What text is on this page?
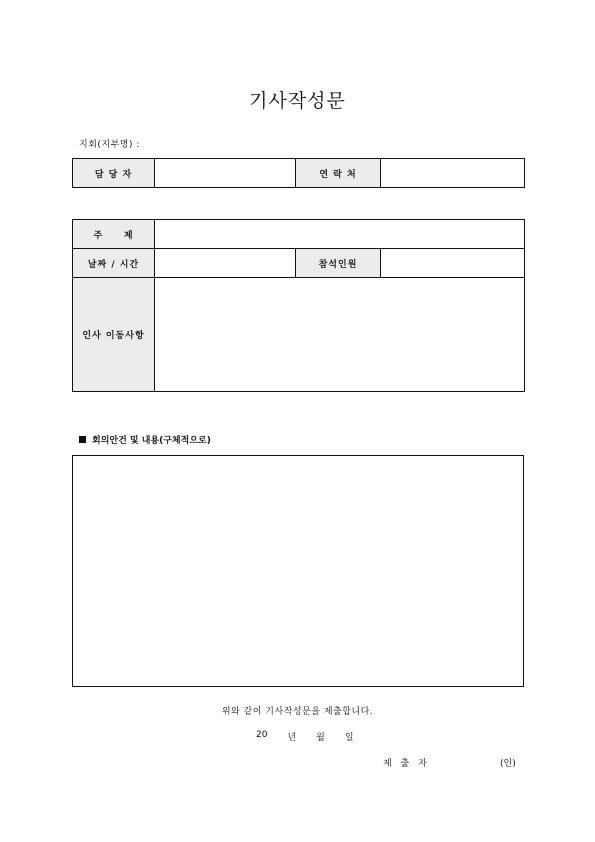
기사작성문
지회(지부명) :
담 당 자		연 락 처	
주     제			
날짜 / 시간		참석인원	
인사 이동사항			
회의안건 및 내용(구체적으로)
위와 같이 기사작성문을 제출합니다.
20 년 월 일
제 출 자	(인)
